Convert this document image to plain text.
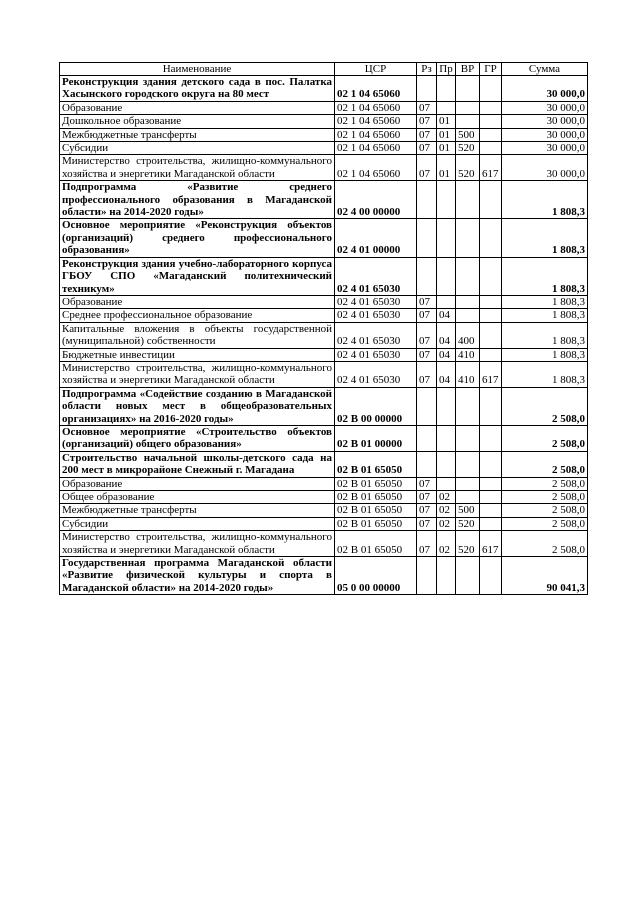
Наименование	ЦСР	Рз	Пр	ВР	ГР	Сумма
Реконструкция здания детского сада в пос. Палатка Хасынского городского округа на 80 мест	02 1 04 65060					30 000,0
Образование	02 1 04 65060	07				30 000,0
Дошкольное образование	02 1 04 65060	07	01			30 000,0
Межбюджетные трансферты	02 1 04 65060	07	01	500		30 000,0
Субсидии	02 1 04 65060	07	01	520		30 000,0
Министерство строительства, жилищно-коммунального хозяйства и энергетики Магаданской области	02 1 04 65060	07	01	520	617	30 000,0
Подпрограмма «Развитие среднего профессионального образования в Магаданской области» на 2014-2020 годы»	02 4 00 00000					1 808,3
Основное мероприятие «Реконструкция объектов (организаций) среднего профессионального образования»	02 4 01 00000					1 808,3
Реконструкция здания учебно-лабораторного корпуса ГБОУ СПО «Магаданский политехнический техникум»	02 4 01 65030					1 808,3
Образование	02 4 01 65030	07				1 808,3
Среднее профессиональное образование	02 4 01 65030	07	04			1 808,3
Капитальные вложения в объекты государственной (муниципальной) собственности	02 4 01 65030	07	04	400		1 808,3
Бюджетные инвестиции	02 4 01 65030	07	04	410		1 808,3
Министерство строительства, жилищно-коммунального хозяйства и энергетики Магаданской области	02 4 01 65030	07	04	410	617	1 808,3
Подпрограмма «Содействие созданию в Магаданской области новых мест в общеобразовательных организациях» на 2016-2020 годы»	02 В 00 00000					2 508,0
Основное мероприятие «Строительство объектов (организаций) общего образования»	02 В 01 00000					2 508,0
Строительство начальной школы-детского сада на 200 мест в микрорайоне Снежный г. Магадана	02 В 01 65050					2 508,0
Образование	02 В 01 65050	07				2 508,0
Общее образование	02 В 01 65050	07	02			2 508,0
Межбюджетные трансферты	02 В 01 65050	07	02	500		2 508,0
Субсидии	02 В 01 65050	07	02	520		2 508,0
Министерство строительства, жилищно-коммунального хозяйства и энергетики Магаданской области	02 В 01 65050	07	02	520	617	2 508,0
Государственная программа Магаданской области «Развитие физической культуры и спорта в Магаданской области» на 2014-2020 годы»	05 0 00 00000					90 041,3
